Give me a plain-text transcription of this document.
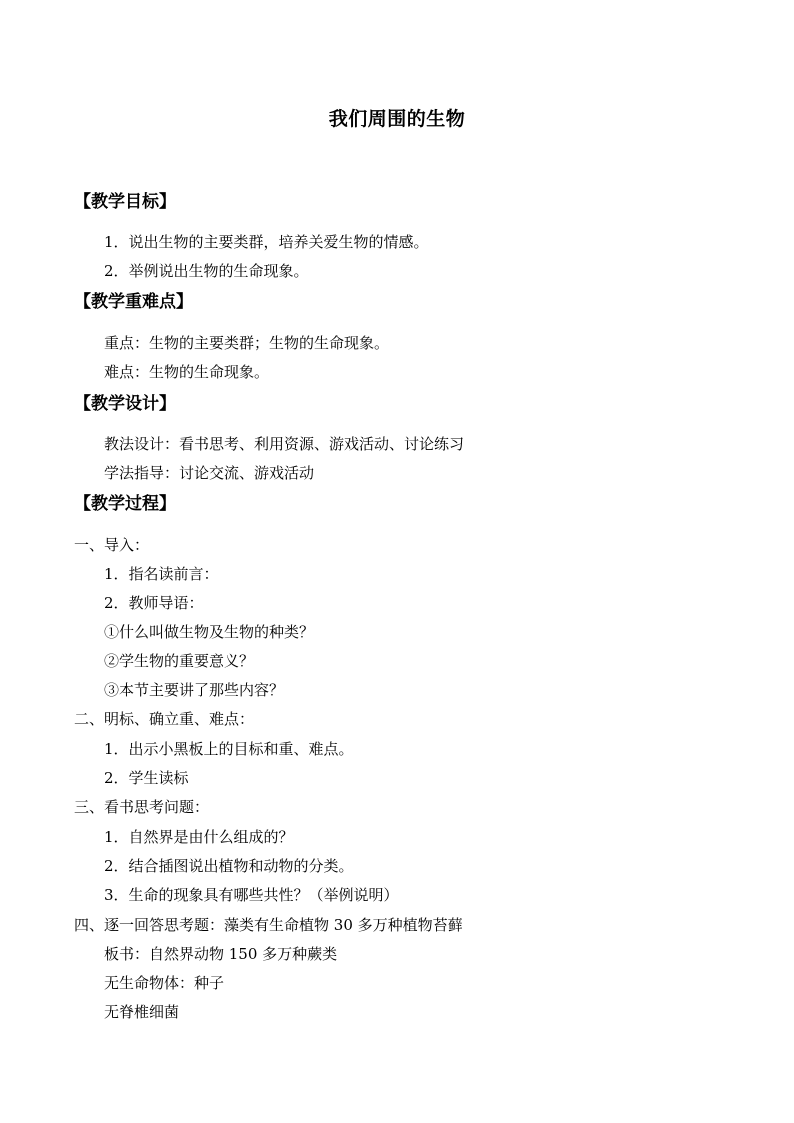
我们周围的生物
【教学目标】
1．说出生物的主要类群，培养关爱生物的情感。
2．举例说出生物的生命现象。
【教学重难点】
重点：生物的主要类群；生物的生命现象。
难点：生物的生命现象。
【教学设计】
教法设计：看书思考、利用资源、游戏活动、讨论练习
学法指导：讨论交流、游戏活动
【教学过程】
一、导入：
1．指名读前言：
2．教师导语：
①什么叫做生物及生物的种类？
②学生物的重要意义？
③本节主要讲了那些内容？
二、明标、确立重、难点：
1．出示小黑板上的目标和重、难点。
2．学生读标
三、看书思考问题：
1．自然界是由什么组成的？
2．结合插图说出植物和动物的分类。
3．生命的现象具有哪些共性？（举例说明）
四、逐一回答思考题：藻类有生命植物 30 多万种植物苔藓
板书：自然界动物 150 多万种蕨类
无生命物体：种子
无脊椎细菌
